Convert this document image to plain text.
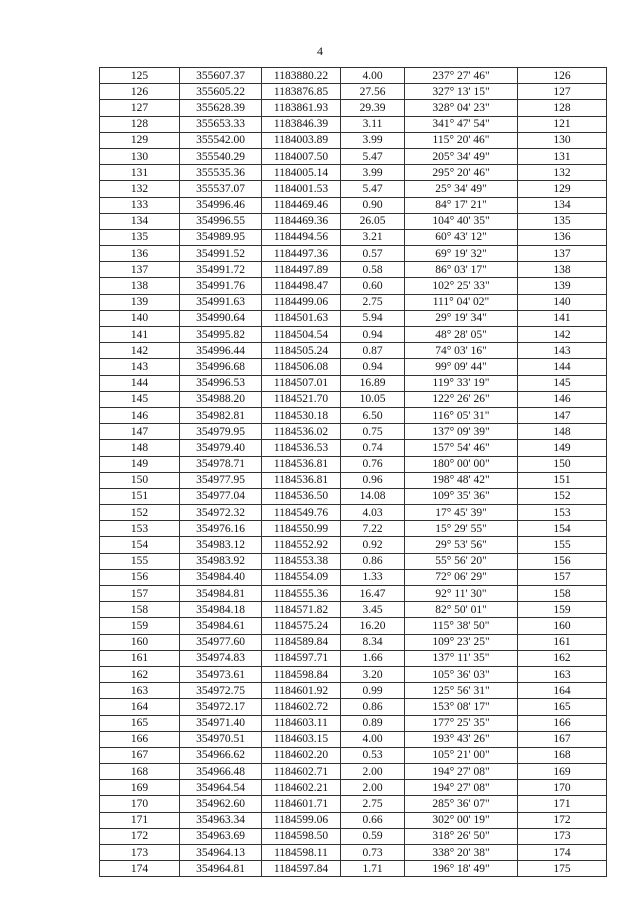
4
125	355607.37	1183880.22	4.00	237° 27' 46"	126
126	355605.22	1183876.85	27.56	327° 13' 15"	127
127	355628.39	1183861.93	29.39	328° 04' 23"	128
128	355653.33	1183846.39	3.11	341° 47' 54"	121
129	355542.00	1184003.89	3.99	115° 20' 46"	130
130	355540.29	1184007.50	5.47	205° 34' 49"	131
131	355535.36	1184005.14	3.99	295° 20' 46"	132
132	355537.07	1184001.53	5.47	25° 34' 49"	129
133	354996.46	1184469.46	0.90	84° 17' 21"	134
134	354996.55	1184469.36	26.05	104° 40' 35"	135
135	354989.95	1184494.56	3.21	60° 43' 12"	136
136	354991.52	1184497.36	0.57	69° 19' 32"	137
137	354991.72	1184497.89	0.58	86° 03' 17"	138
138	354991.76	1184498.47	0.60	102° 25' 33"	139
139	354991.63	1184499.06	2.75	111° 04' 02"	140
140	354990.64	1184501.63	5.94	29° 19' 34"	141
141	354995.82	1184504.54	0.94	48° 28' 05"	142
142	354996.44	1184505.24	0.87	74° 03' 16"	143
143	354996.68	1184506.08	0.94	99° 09' 44"	144
144	354996.53	1184507.01	16.89	119° 33' 19"	145
145	354988.20	1184521.70	10.05	122° 26' 26"	146
146	354982.81	1184530.18	6.50	116° 05' 31"	147
147	354979.95	1184536.02	0.75	137° 09' 39"	148
148	354979.40	1184536.53	0.74	157° 54' 46"	149
149	354978.71	1184536.81	0.76	180° 00' 00"	150
150	354977.95	1184536.81	0.96	198° 48' 42"	151
151	354977.04	1184536.50	14.08	109° 35' 36"	152
152	354972.32	1184549.76	4.03	17° 45' 39"	153
153	354976.16	1184550.99	7.22	15° 29' 55"	154
154	354983.12	1184552.92	0.92	29° 53' 56"	155
155	354983.92	1184553.38	0.86	55° 56' 20"	156
156	354984.40	1184554.09	1.33	72° 06' 29"	157
157	354984.81	1184555.36	16.47	92° 11' 30"	158
158	354984.18	1184571.82	3.45	82° 50' 01"	159
159	354984.61	1184575.24	16.20	115° 38' 50"	160
160	354977.60	1184589.84	8.34	109° 23' 25"	161
161	354974.83	1184597.71	1.66	137° 11' 35"	162
162	354973.61	1184598.84	3.20	105° 36' 03"	163
163	354972.75	1184601.92	0.99	125° 56' 31"	164
164	354972.17	1184602.72	0.86	153° 08' 17"	165
165	354971.40	1184603.11	0.89	177° 25' 35"	166
166	354970.51	1184603.15	4.00	193° 43' 26"	167
167	354966.62	1184602.20	0.53	105° 21' 00"	168
168	354966.48	1184602.71	2.00	194° 27' 08"	169
169	354964.54	1184602.21	2.00	194° 27' 08"	170
170	354962.60	1184601.71	2.75	285° 36' 07"	171
171	354963.34	1184599.06	0.66	302° 00' 19"	172
172	354963.69	1184598.50	0.59	318° 26' 50"	173
173	354964.13	1184598.11	0.73	338° 20' 38"	174
174	354964.81	1184597.84	1.71	196° 18' 49"	175
